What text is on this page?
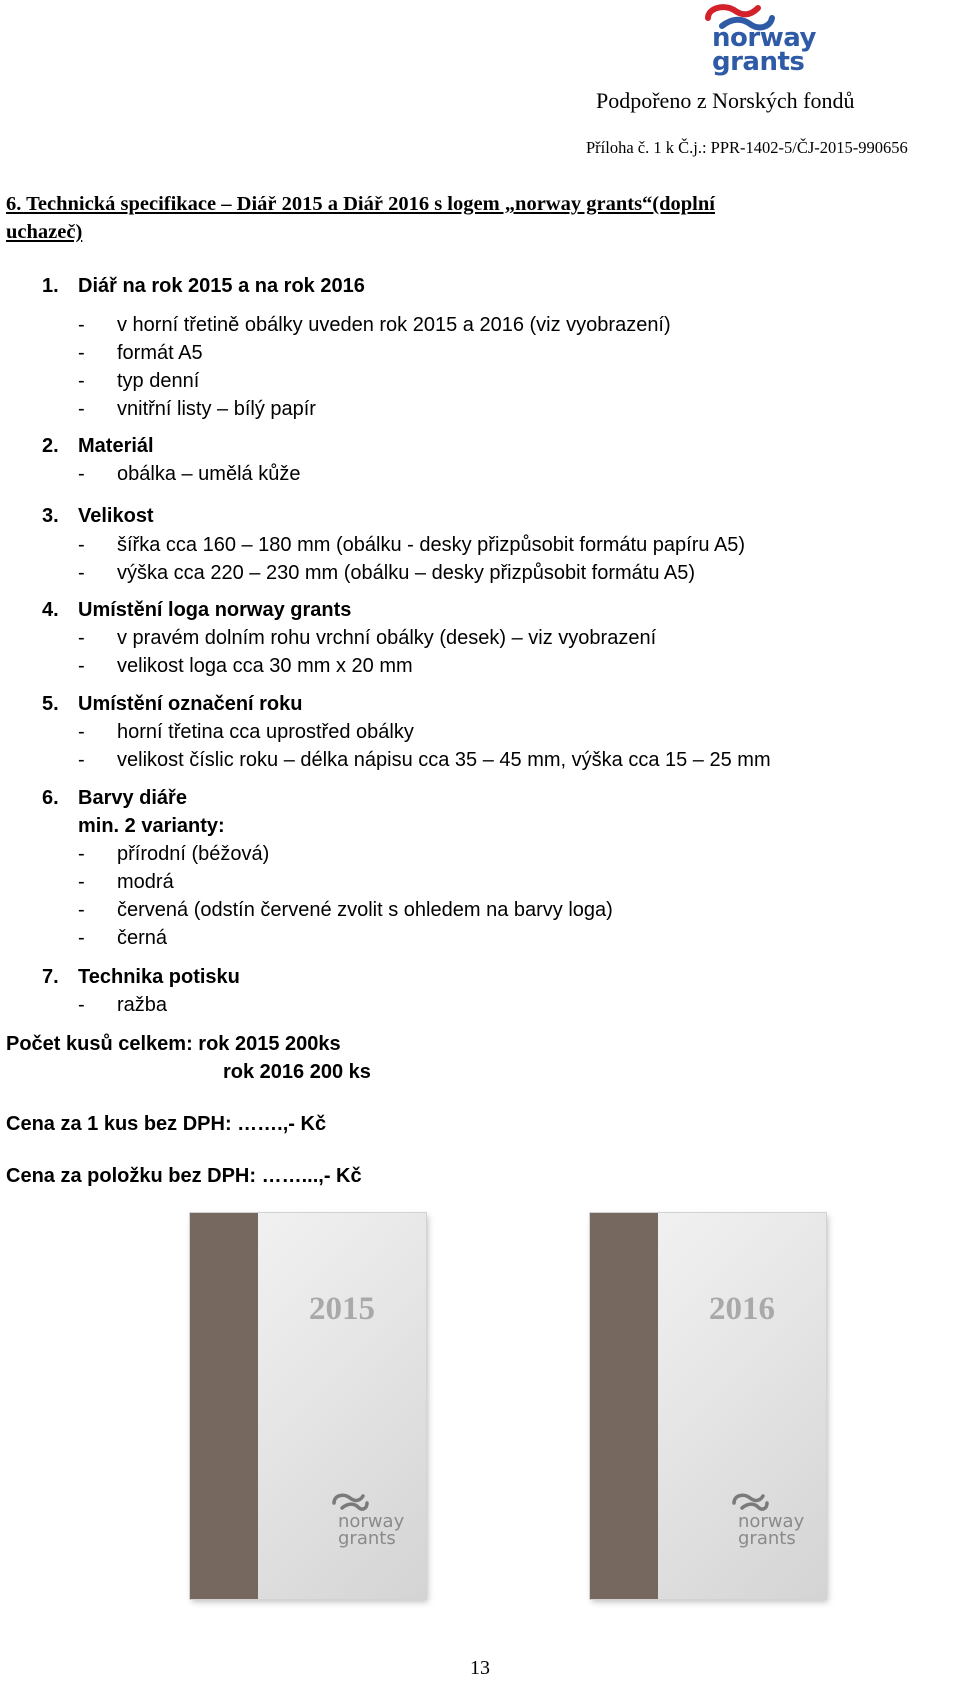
norway
grants
Podpořeno z Norských fondů
Příloha č. 1 k Č.j.: PPR-1402-5/ČJ-2015-990656
6. Technická specifikace – Diář 2015 a Diář 2016 s logem „norway grants“(doplní
uchazeč)
1. Diář na rok 2015 a na rok 2016
- v horní třetině obálky uveden rok 2015 a 2016 (viz vyobrazení)
- formát A5
- typ denní
- vnitřní listy – bílý papír
2. Materiál
- obálka – umělá kůže
3. Velikost
- šířka cca 160 – 180 mm (obálku - desky přizpůsobit formátu papíru A5)
- výška cca 220 – 230 mm (obálku – desky přizpůsobit formátu A5)
4. Umístění loga norway grants
- v pravém dolním rohu vrchní obálky (desek) – viz vyobrazení
- velikost loga cca 30 mm x 20 mm
5. Umístění označení roku
- horní třetina cca uprostřed obálky
- velikost číslic roku – délka nápisu cca 35 – 45 mm, výška cca 15 – 25 mm
6. Barvy diáře
min. 2 varianty:
- přírodní (béžová)
- modrá
- červená (odstín červené zvolit s ohledem na barvy loga)
- černá
7. Technika potisku
- ražba
Počet kusů celkem: rok 2015 200ks
rok 2016 200 ks
Cena za 1 kus bez DPH: …….,- Kč
Cena za položku bez DPH: ……...,- Kč
2015
norway
grants
2016
norway
grants
13
